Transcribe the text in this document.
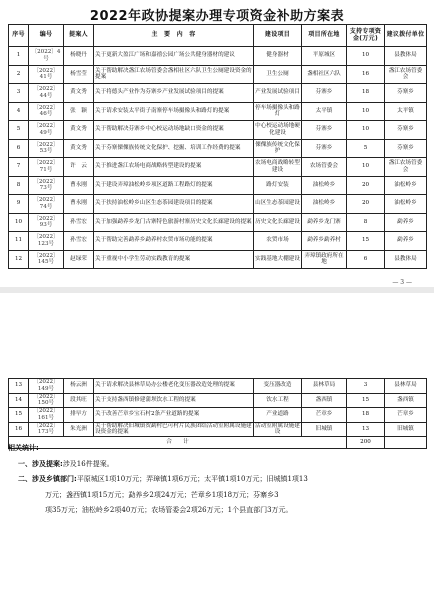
2022年政协提案办理专项资金补助方案表
序号	编号	提案人	主　要　内　容	建设项目	项目所在地	支持专项资金(万元)	建议拨付单位
1	〔2022〕4号	杨晓丹	关于更新大盈江广场和嘉禧公园广场公共健身器材的建议	健身器材	平原城区	10	县教体局
2	〔2022〕41号	杨雪莹	关于帮助解决盏江农场管委会盏相社区六队卫生公厕建设资金的提案	卫生公厕	盏相社区六队	16	盏江农场管委会
3	〔2022〕44号	黄文秀	关于将德头产业作为芬寨乡产业发展试验项目的提案	产业发展试验项目	芬寨乡	18	芬寨乡
4	〔2022〕46号	张　颖	关于请求安装太平街子南寨停车场摄像头和路灯的提案	停车场摄像头和路灯	太平镇	10	太平镇
5	〔2022〕49号	黄文秀	关于帮助解决芬寨乡中心校运动场地缺口资金的提案	中心校运动场地硬化建设	芬寨乡	10	芬寨乡
6	〔2022〕53号	黄文秀	关于芬寨傈僳族传统文化保护、挖掘、培训工作经费的提案	傈僳族传统文化保护	芬寨乡	5	芬寨乡
7	〔2022〕71号	许　云	关于推进盏江农场电商战略转型建设的提案	农场电商战略转型建设	农场管委会	10	盏江农场管委会
8	〔2022〕73号	曹永刚	关于建设弄璋油松岭乡项区道路工程路灯的提案	路灯安装	油松岭乡	20	油松岭乡
9	〔2022〕74号	曹永刚	关于扶持油松岭乡山区生态茶园建设项目的提案	山区生态茶园建设	油松岭乡	20	油松岭乡
10	〔2022〕93号	孙雪宏	关于加强勐养乡龙门古寨特色旅游村寨历史文化长廊建设的提案	历史文化长廊建设	勐养乡龙门寨	8	勐养乡
11	〔2022〕123号	孙雪宏	关于帮助完善勐养乡勐养村农贸市场功能的提案	农贸市场	勐养乡勐养村	15	勐养乡
12	〔2022〕145号	赵绿荣	关于重视中小学生劳动实践教育的提案	实践基地大棚建设	弄璋镇政府所在地	6	县教体局
— 3 —
13	〔2022〕149号	杨云洲	关于请求解决县林草局办公楼老化变压器改造处理的提案	变压器改造	县林草局	3	县林草局
14	〔2022〕150号	段其旺	关于支持盏西镇修建蒲坝饮水工程的提案	饮水工程	盏西镇	15	盏西镇
15	〔2022〕161号	排早方	关于改善芒章乡宝石村2条产业道路的提案	产业道路	芒章乡	18	芒章乡
16	〔2022〕173号	朱光洲	关于帮助解决旧城镇贺勐村巴可村片民族团结活动室附属设施建设资金的提案	活动室附属设施建设	旧城镇	13	旧城镇
合　　计						200	
相关统计:
一、涉及提案:涉及16件提案。
二、涉及乡镇部门:平原城区1项10万元；弄璋镇1项6万元；太平镇1项10万元；旧城镇1项13
万元；盏西镇1项15万元；勐养乡2项24万元；芒章乡1项18万元；芬寨乡3
项35万元；油松岭乡2项40万元；农场管委会2项26万元；1个县直部门3万元。
